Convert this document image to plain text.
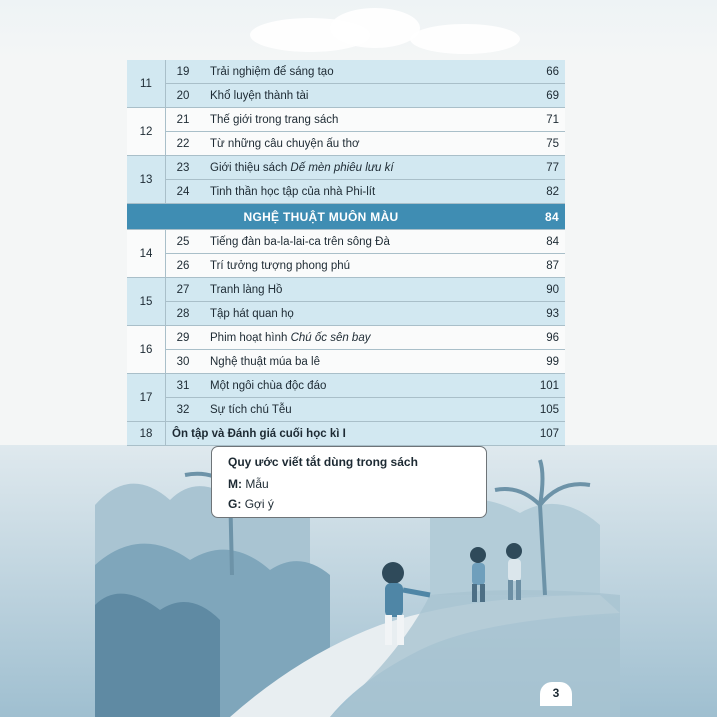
11	19	Trải nghiệm để sáng tạo	66
	20	Khổ luyện thành tài	69
12	21	Thế giới trong trang sách	71
	22	Từ những câu chuyện ấu thơ	75
13	23	Giới thiệu sách Dế mèn phiêu lưu kí	77
	24	Tinh thần học tập của nhà Phi-lít	82
NGHỆ THUẬT MUÔN MÀU			84
14	25	Tiếng đàn ba-la-lai-ca trên sông Đà	84
	26	Trí tưởng tượng phong phú	87
15	27	Tranh làng Hồ	90
	28	Tập hát quan họ	93
16	29	Phim hoạt hình Chú ốc sên bay	96
	30	Nghệ thuật múa ba lê	99
17	31	Một ngôi chùa độc đáo	101
	32	Sự tích chú Tễu	105
18	Ôn tập và Đánh giá cuối học kì I		107
Quy ước viết tắt dùng trong sách
M: Mẫu
G: Gợi ý
3
